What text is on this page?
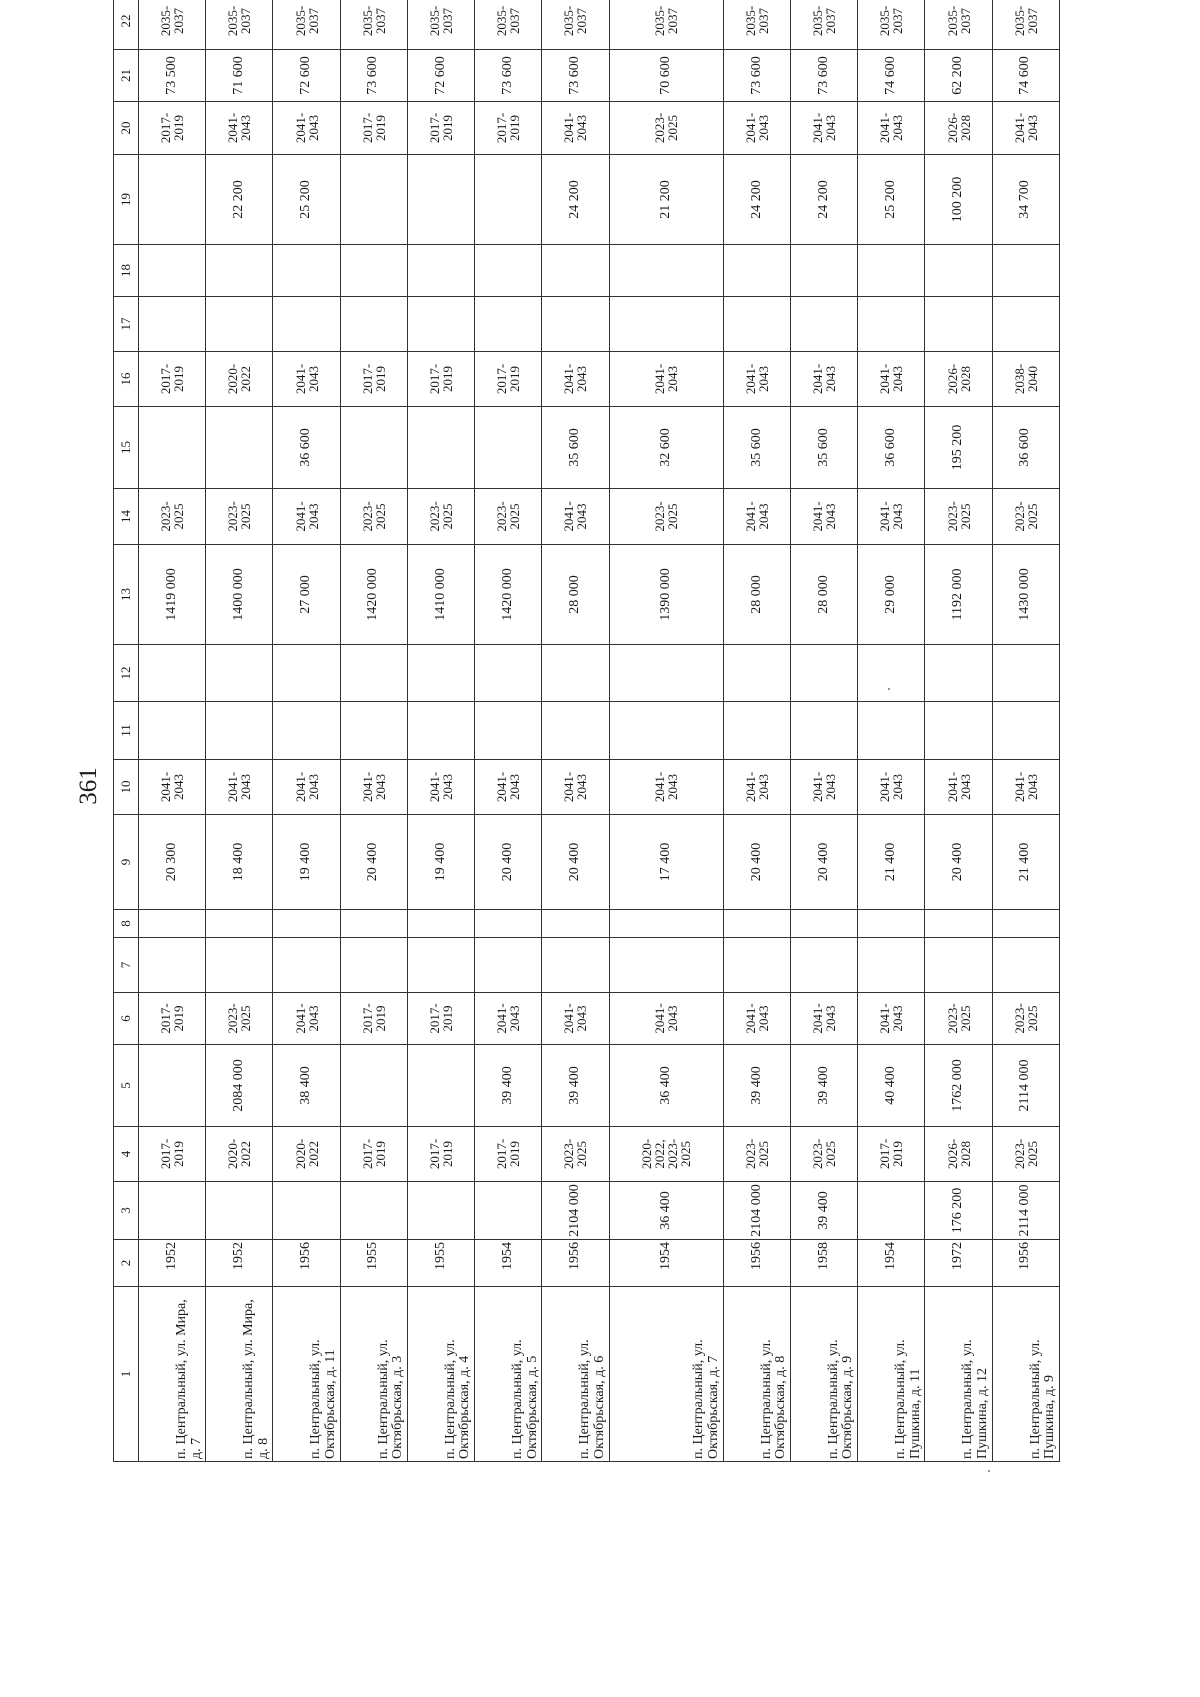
361
1	2	3	4	5	6	7	8	9	10	11	12	13	14	15	16	17	18	19	20	21	22		
п. Центральный, ул. Мира, д. 7	1952		2017-2019		2017-2019			20 300	2041-2043			1419 000	2023-2025		2017-2019				2017-2019	73 500	2035-2037		
п. Центральный, ул. Мира, д. 8	1952		2020-2022	2084 000	2023-2025			18 400	2041-2043			1400 000	2023-2025		2020-2022			22 200	2041-2043	71 600	2035-2037		
п. Центральный, ул. Октябрьская, д. 11	1956		2020-2022	38 400	2041-2043			19 400	2041-2043			27 000	2041-2043	36 600	2041-2043			25 200	2041-2043	72 600	2035-2037		
п. Центральный, ул. Октябрьская, д. 3	1955		2017-2019		2017-2019			20 400	2041-2043			1420 000	2023-2025		2017-2019				2017-2019	73 600	2035-2037		
п. Центральный, ул. Октябрьская, д. 4	1955		2017-2019		2017-2019			19 400	2041-2043			1410 000	2023-2025		2017-2019				2017-2019	72 600	2035-2037		
п. Центральный, ул. Октябрьская, д. 5	1954		2017-2019	39 400	2041-2043			20 400	2041-2043			1420 000	2023-2025		2017-2019				2017-2019	73 600	2035-2037		
п. Центральный, ул. Октябрьская, д. 6	1956	2104 000	2023-2025	39 400	2041-2043			20 400	2041-2043			28 000	2041-2043	35 600	2041-2043			24 200	2041-2043	73 600	2035-2037		
п. Центральный, ул. Октябрьская, д. 7	1954	36 400	2020-2022, 2023-2025	36 400	2041-2043			17 400	2041-2043			1390 000	2023-2025	32 600	2041-2043			21 200	2023-2025	70 600	2035-2037		
п. Центральный, ул. Октябрьская, д. 8	1956	2104 000	2023-2025	39 400	2041-2043			20 400	2041-2043			28 000	2041-2043	35 600	2041-2043			24 200	2041-2043	73 600	2035-2037		
п. Центральный, ул. Октябрьская, д. 9	1958	39 400	2023-2025	39 400	2041-2043			20 400	2041-2043			28 000	2041-2043	35 600	2041-2043			24 200	2041-2043	73 600	2035-2037		
п. Центральный, ул. Пушкина, д. 11	1954		2017-2019	40 400	2041-2043			21 400	2041-2043			29 000	2041-2043	36 600	2041-2043			25 200	2041-2043	74 600	2035-2037		
п. Центральный, ул. Пушкина, д. 12	1972	176 200	2026-2028	1762 000	2023-2025			20 400	2041-2043			1192 000	2023-2025	195 200	2026-2028			100 200	2026-2028	62 200	2035-2037		
п. Центральный, ул. Пушкина, д. 9	1956	2114 000	2023-2025	2114 000	2023-2025			21 400	2041-2043			1430 000	2023-2025	36 600	2038-2040			34 700	2041-2043	74 600	2035-2037		
